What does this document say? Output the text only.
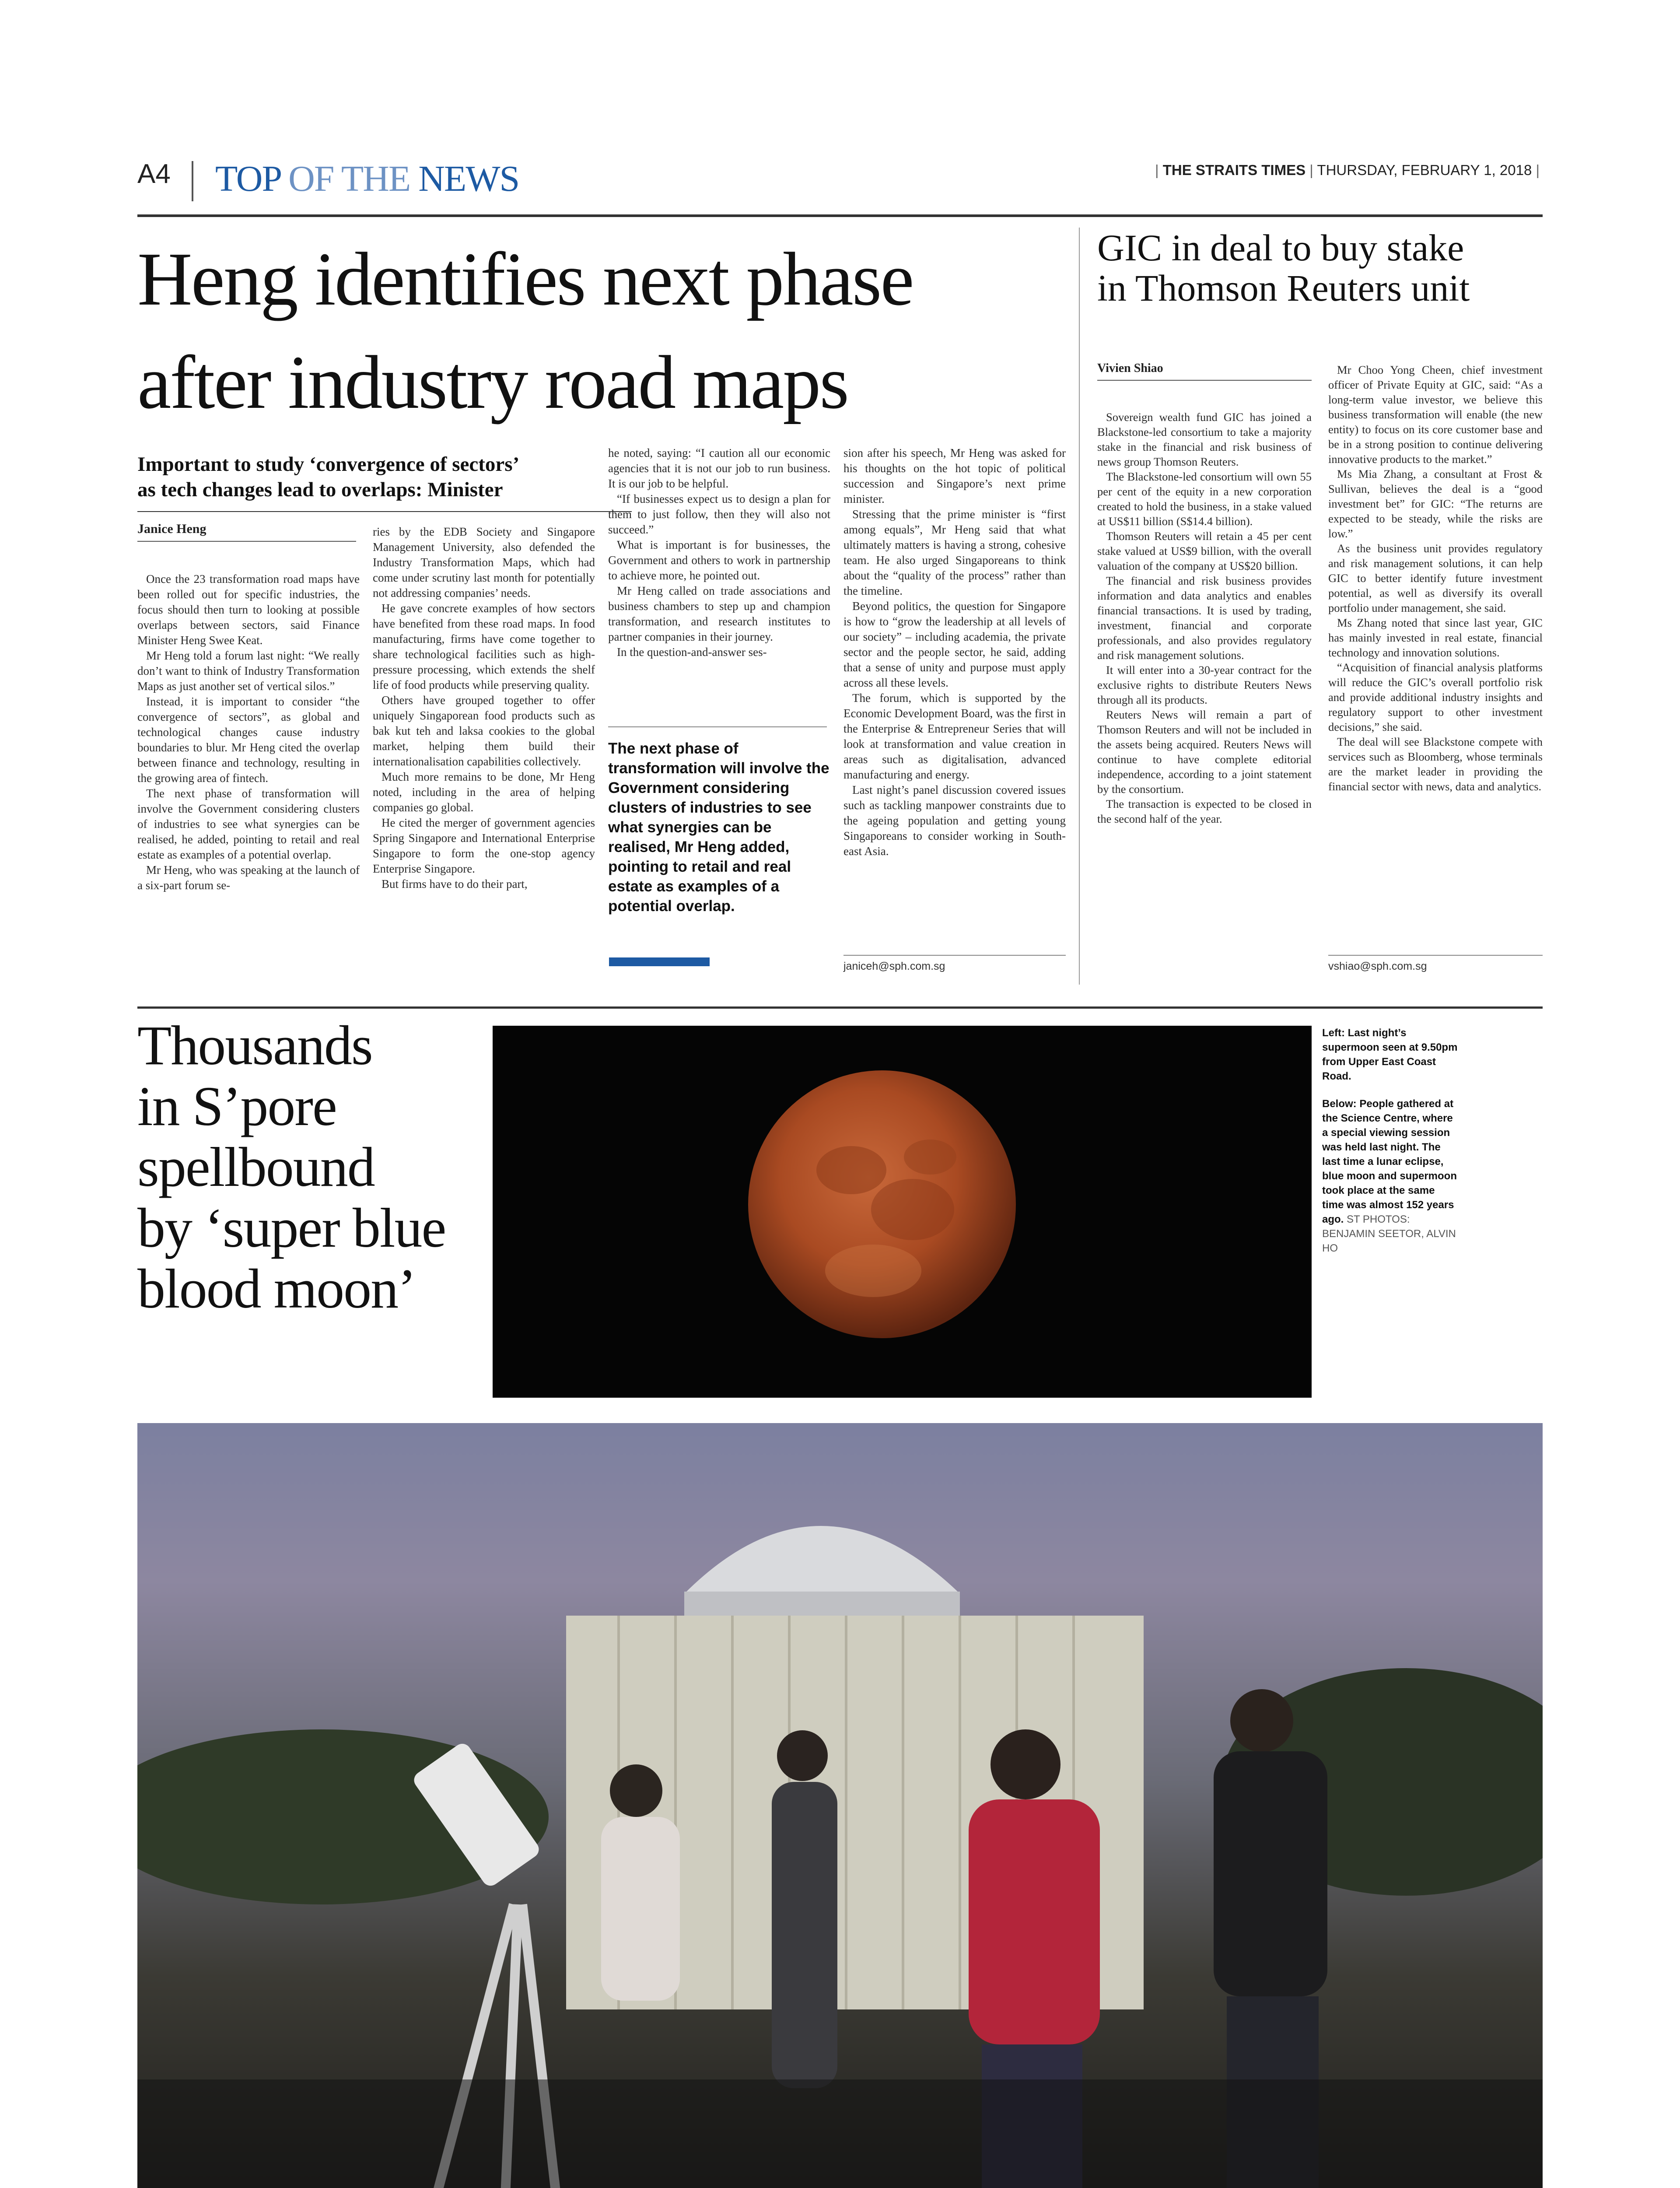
A4 TOP OF THE NEWS	| THE STRAITS TIMES | THURSDAY, FEBRUARY 1, 2018 |
Heng identifies next phase
after industry road maps
Important to study ‘convergence of sectors’
as tech changes lead to overlaps: Minister
Janice Heng

Once the 23 transformation road maps have been rolled out for specific industries, the focus should then turn to looking at possible overlaps between sectors, said Finance Minister Heng Swee Keat.

Mr Heng told a forum last night: “We really don’t want to think of Industry Transformation Maps as just another set of vertical silos.”

Instead, it is important to consider “the convergence of sectors”, as global and technological changes cause industry boundaries to blur. Mr Heng cited the overlap between finance and technology, resulting in the growing area of fintech.

The next phase of transformation will involve the Government considering clusters of industries to see what synergies can be realised, he added, pointing to retail and real estate as examples of a potential overlap.

Mr Heng, who was speaking at the launch of a six-part forum se-

ries by the EDB Society and Singapore Management University, also defended the Industry Transformation Maps, which had come under scrutiny last month for potentially not addressing companies’ needs.

He gave concrete examples of how sectors have benefited from these road maps. In food manufacturing, firms have come together to share technological facilities such as high-pressure processing, which extends the shelf life of food products while preserving quality.

Others have grouped together to offer uniquely Singaporean food products such as bak kut teh and laksa cookies to the global market, helping them build their internationalisation capabilities collectively.

Much more remains to be done, Mr Heng noted, including in the area of helping companies go global.

He cited the merger of government agencies Spring Singapore and International Enterprise Singapore to form the one-stop agency Enterprise Singapore.

But firms have to do their part,

he noted, saying: “I caution all our economic agencies that it is not our job to run business. It is our job to be helpful.

“If businesses expect us to design a plan for them to just follow, then they will also not succeed.”

What is important is for businesses, the Government and others to work in partnership to achieve more, he pointed out.

Mr Heng called on trade associations and business chambers to step up and champion transformation, and research institutes to partner companies in their journey.

In the question-and-answer ses-

The next phase of transformation will involve the Government considering clusters of industries to see what synergies can be realised, Mr Heng added, pointing to retail and real estate as examples of a potential overlap.

sion after his speech, Mr Heng was asked for his thoughts on the hot topic of political succession and Singapore’s next prime minister.

Stressing that the prime minister is “first among equals”, Mr Heng said that what ultimately matters is having a strong, cohesive team. He also urged Singaporeans to think about the “quality of the process” rather than the timeline.

Beyond politics, the question for Singapore is how to “grow the leadership at all levels of our society” – including academia, the private sector and the people sector, he said, adding that a sense of unity and purpose must apply across all these levels.

The forum, which is supported by the Economic Development Board, was the first in the Enterprise & Entrepreneur Series that will look at transformation and value creation in areas such as digitalisation, advanced manufacturing and energy.

Last night’s panel discussion covered issues such as tackling manpower constraints due to the ageing population and getting young Singaporeans to consider working in South-east Asia.

janiceh@sph.com.sg
GIC in deal to buy stake
in Thomson Reuters unit
Vivien Shiao

Sovereign wealth fund GIC has joined a Blackstone-led consortium to take a majority stake in the financial and risk business of news group Thomson Reuters.

The Blackstone-led consortium will own 55 per cent of the equity in a new corporation created to hold the business, in a stake valued at US$11 billion (S$14.4 billion).

Thomson Reuters will retain a 45 per cent stake valued at US$9 billion, with the overall valuation of the company at US$20 billion.

The financial and risk business provides information and data analytics and enables financial transactions. It is used by trading, investment, financial and corporate professionals, and also provides regulatory and risk management solutions.

It will enter into a 30-year contract for the exclusive rights to distribute Reuters News through all its products.

Reuters News will remain a part of Thomson Reuters and will not be included in the assets being acquired. Reuters News will continue to have complete editorial independence, according to a joint statement by the consortium.

The transaction is expected to be closed in the second half of the year.

Mr Choo Yong Cheen, chief investment officer of Private Equity at GIC, said: “As a long-term value investor, we believe this business transformation will enable (the new entity) to focus on its core customer base and be in a strong position to continue delivering innovative products to the market.”

Ms Mia Zhang, a consultant at Frost & Sullivan, believes the deal is a “good investment bet” for GIC: “The returns are expected to be steady, while the risks are low.”

As the business unit provides regulatory and risk management solutions, it can help GIC to better identify future investment potential, as well as diversify its overall portfolio under management, she said.

Ms Zhang noted that since last year, GIC has mainly invested in real estate, financial technology and innovation solutions.

“Acquisition of financial analysis platforms will reduce the GIC’s overall portfolio risk and provide additional industry insights and regulatory support to other investment decisions,” she said.

The deal will see Blackstone compete with services such as Bloomberg, whose terminals are the market leader in providing the financial sector with news, data and analytics.

vshiao@sph.com.sg
Thousands
in S’pore
spellbound
by ‘super blue
blood moon’

Left: Last night’s supermoon seen at 9.50pm from Upper East Coast Road.

Below: People gathered at the Science Centre, where a special viewing session was held last night. The last time a lunar eclipse, blue moon and supermoon took place at the same time was almost 152 years ago. ST PHOTOS: BENJAMIN SEETOR, ALVIN HO
